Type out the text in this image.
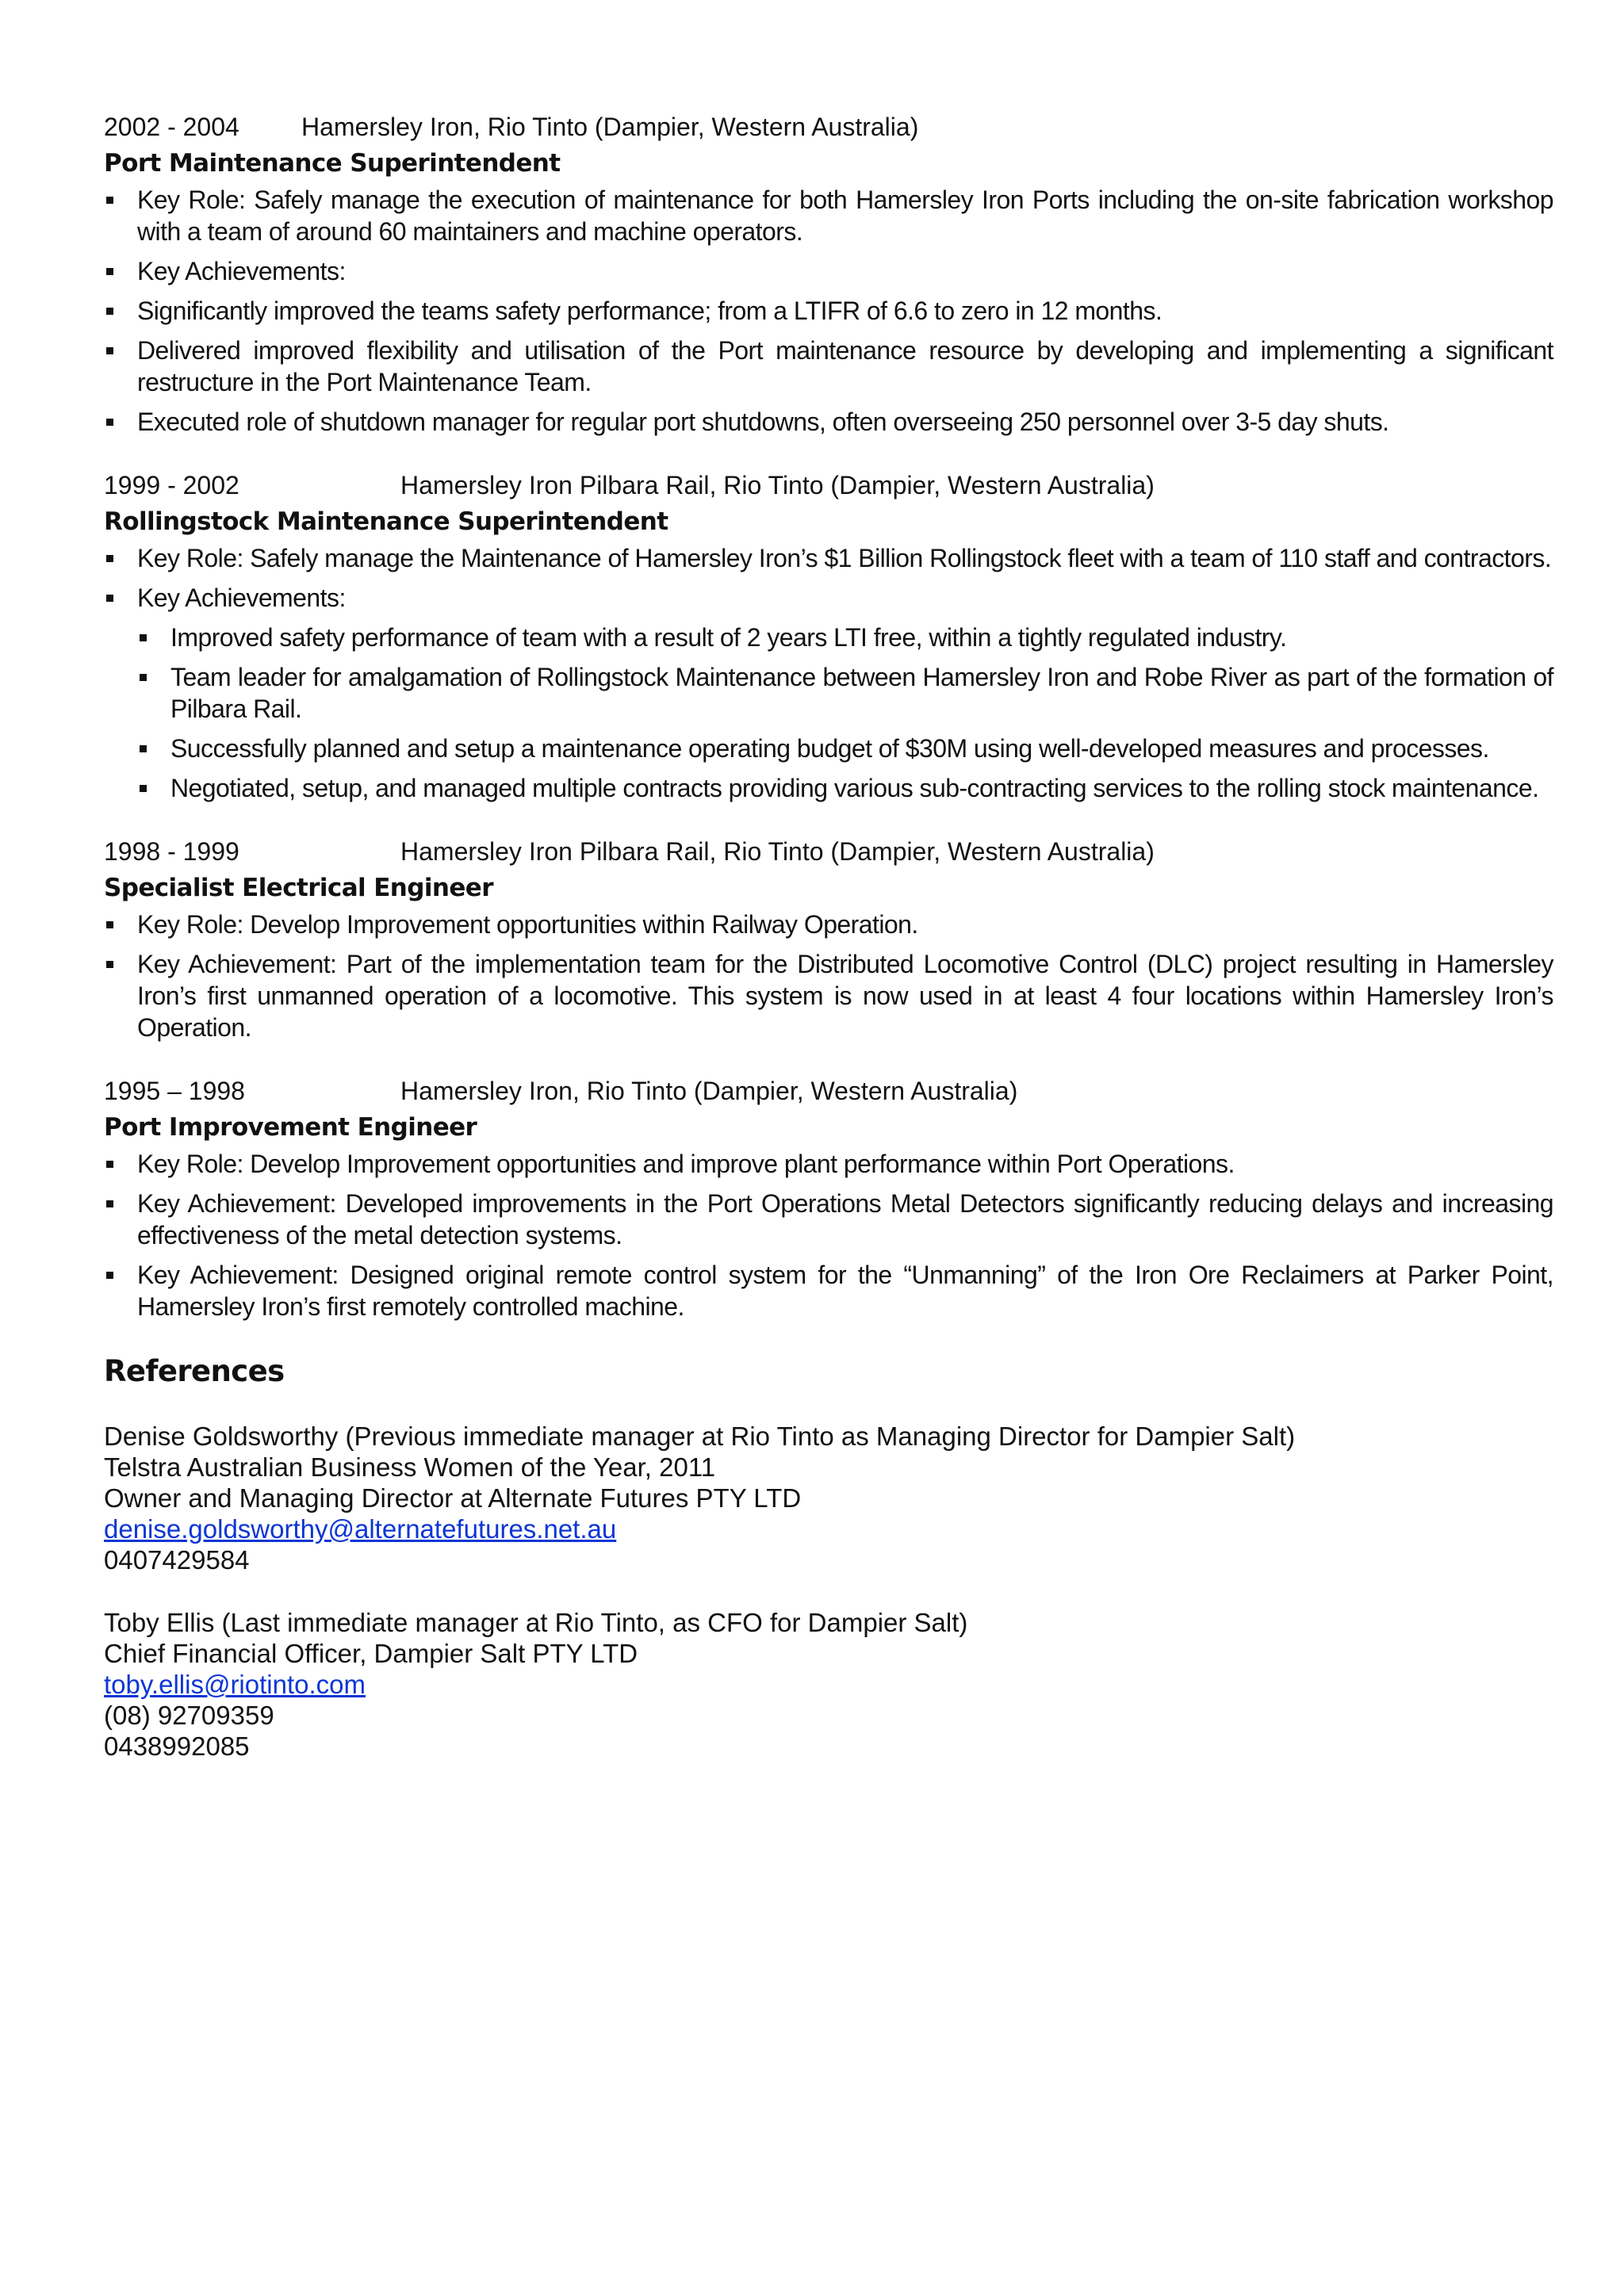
2002 - 2004	Hamersley Iron, Rio Tinto (Dampier, Western Australia)
Port Maintenance Superintendent
Key Role: Safely manage the execution of maintenance for both Hamersley Iron Ports including the on-site fabrication workshop with a team of around 60 maintainers and machine operators.
Key Achievements:
Significantly improved the teams safety performance; from a LTIFR of 6.6 to zero in 12 months.
Delivered improved flexibility and utilisation of the Port maintenance resource by developing and implementing a significant restructure in the Port Maintenance Team.
Executed role of shutdown manager for regular port shutdowns, often overseeing 250 personnel over 3-5 day shuts.
1999 - 2002	Hamersley Iron Pilbara Rail, Rio Tinto (Dampier, Western Australia)
Rollingstock Maintenance Superintendent
Key Role: Safely manage the Maintenance of Hamersley Iron’s $1 Billion Rollingstock fleet with a team of 110 staff and contractors.
Key Achievements:
Improved safety performance of team with a result of 2 years LTI free, within a tightly regulated industry.
Team leader for amalgamation of Rollingstock Maintenance between Hamersley Iron and Robe River as part of the formation of Pilbara Rail.
Successfully planned and setup a maintenance operating budget of $30M using well-developed measures and processes.
Negotiated, setup, and managed multiple contracts providing various sub-contracting services to the rolling stock maintenance.
1998 - 1999	Hamersley Iron Pilbara Rail, Rio Tinto (Dampier, Western Australia)
Specialist Electrical Engineer
Key Role: Develop Improvement opportunities within Railway Operation.
Key Achievement: Part of the implementation team for the Distributed Locomotive Control (DLC) project resulting in Hamersley Iron’s first unmanned operation of a locomotive. This system is now used in at least 4 four locations within Hamersley Iron’s Operation.
1995 – 1998	Hamersley Iron, Rio Tinto (Dampier, Western Australia)
Port Improvement Engineer
Key Role: Develop Improvement opportunities and improve plant performance within Port Operations.
Key Achievement: Developed improvements in the Port Operations Metal Detectors significantly reducing delays and increasing effectiveness of the metal detection systems.
Key Achievement: Designed original remote control system for the “Unmanning” of the Iron Ore Reclaimers at Parker Point, Hamersley Iron’s first remotely controlled machine.
References
Denise Goldsworthy (Previous immediate manager at Rio Tinto as Managing Director for Dampier Salt)
Telstra Australian Business Women of the Year, 2011
Owner and Managing Director at Alternate Futures PTY LTD
denise.goldsworthy@alternatefutures.net.au
0407429584
Toby Ellis (Last immediate manager at Rio Tinto, as CFO for Dampier Salt)
Chief Financial Officer, Dampier Salt PTY LTD
toby.ellis@riotinto.com
(08) 92709359
0438992085
